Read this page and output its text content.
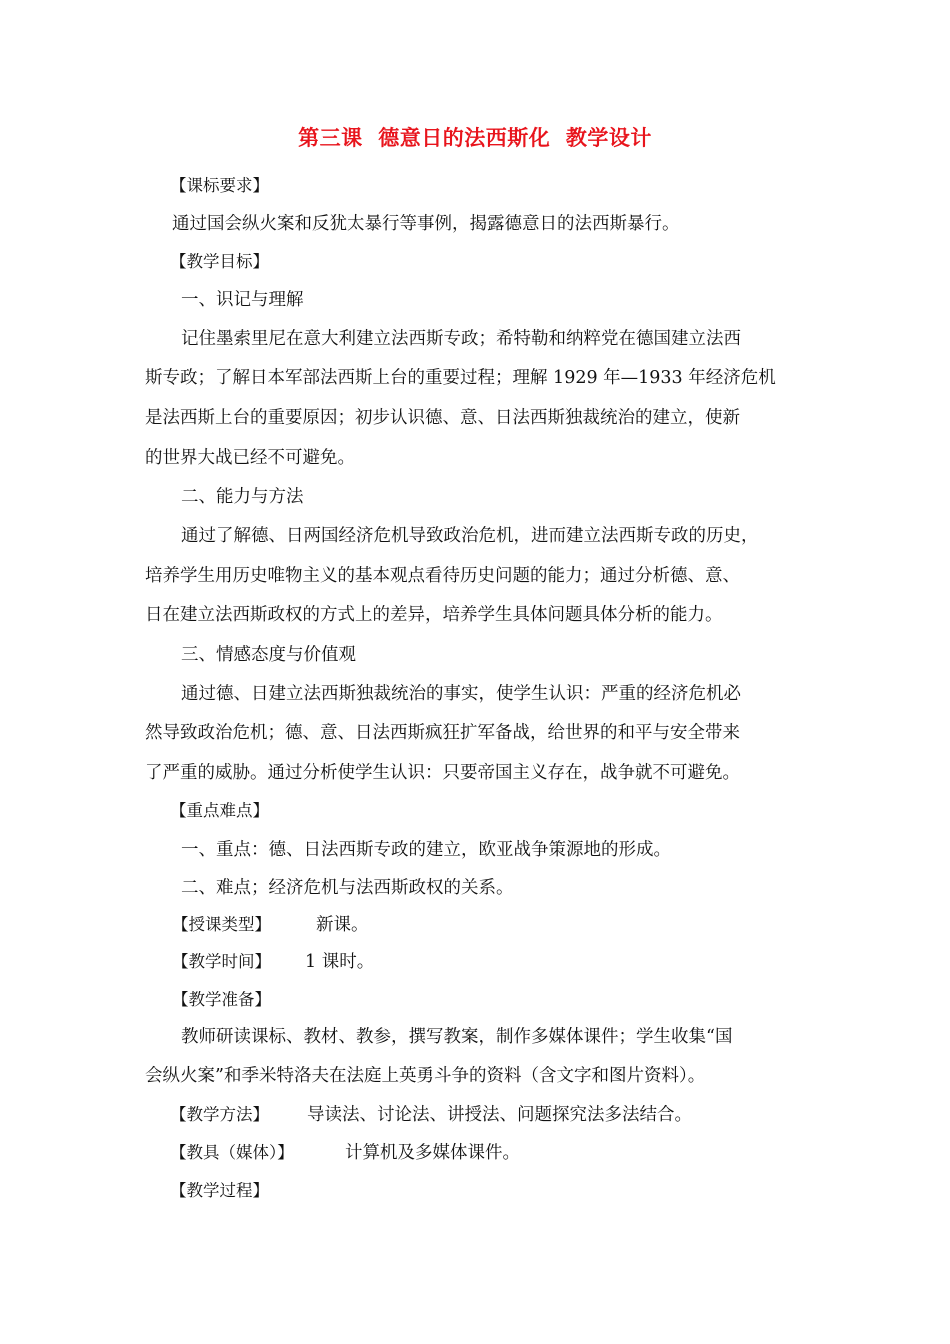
第三课  德意日的法西斯化  教学设计
【课标要求】
通过国会纵火案和反犹太暴行等事例，揭露德意日的法西斯暴行。
【教学目标】
一、识记与理解
记住墨索里尼在意大利建立法西斯专政；希特勒和纳粹党在德国建立法西
斯专政；了解日本军部法西斯上台的重要过程；理解 1929 年—1933 年经济危机
是法西斯上台的重要原因；初步认识德、意、日法西斯独裁统治的建立，使新
的世界大战已经不可避免。
二、能力与方法
通过了解德、日两国经济危机导致政治危机，进而建立法西斯专政的历史，
培养学生用历史唯物主义的基本观点看待历史问题的能力；通过分析德、意、
日在建立法西斯政权的方式上的差异，培养学生具体问题具体分析的能力。
三、情感态度与价值观
通过德、日建立法西斯独裁统治的事实，使学生认识：严重的经济危机必
然导致政治危机；德、意、日法西斯疯狂扩军备战，给世界的和平与安全带来
了严重的威胁。通过分析使学生认识：只要帝国主义存在，战争就不可避免。
【重点难点】
一、重点：德、日法西斯专政的建立，欧亚战争策源地的形成。
二、难点；经济危机与法西斯政权的关系。
【授课类型】	新课。
【教学时间】 1 课时。
【教学准备】
教师研读课标、教材、教参，撰写教案，制作多媒体课件；学生收集“国
会纵火案”和季米特洛夫在法庭上英勇斗争的资料（含文字和图片资料）。
【教学方法】 导读法、讨论法、讲授法、问题探究法多法结合。
【教具（媒体）】	计算机及多媒体课件。
【教学过程】
